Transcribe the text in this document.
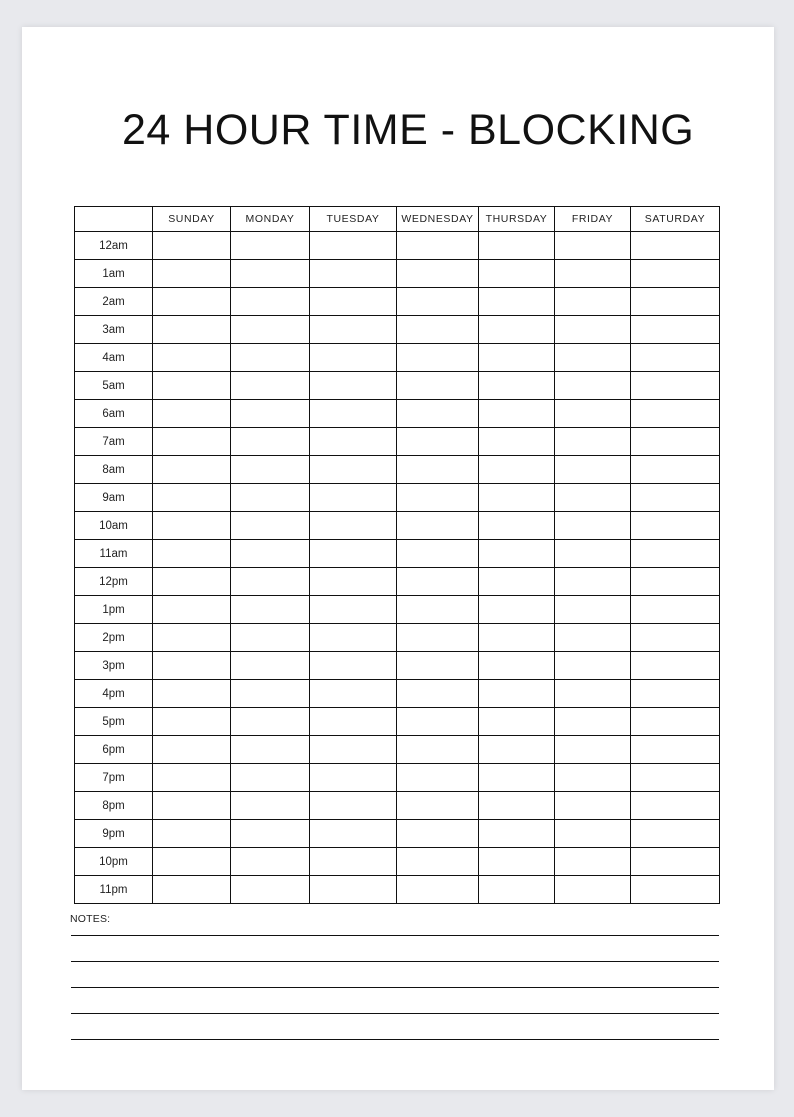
24 HOUR TIME - BLOCKING
	SUNDAY	MONDAY	TUESDAY	WEDNESDAY	THURSDAY	FRIDAY	SATURDAY
12am							
1am							
2am							
3am							
4am							
5am							
6am							
7am							
8am							
9am							
10am							
11am							
12pm							
1pm							
2pm							
3pm							
4pm							
5pm							
6pm							
7pm							
8pm							
9pm							
10pm							
11pm							
NOTES:
